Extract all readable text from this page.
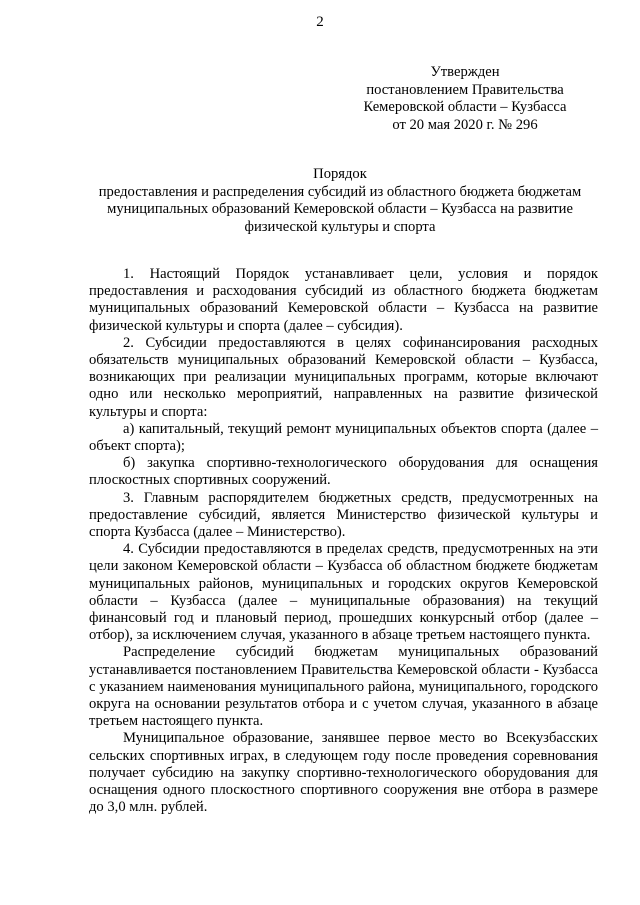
2
Утвержден
постановлением Правительства
Кемеровской области – Кузбасса
от 20 мая 2020 г. № 296
Порядок
предоставления и распределения субсидий из областного бюджета бюджетам
муниципальных образований Кемеровской области – Кузбасса на развитие
физической культуры и спорта

1. Настоящий Порядок устанавливает цели, условия и порядок предоставления и расходования субсидий из областного бюджета бюджетам муниципальных образований Кемеровской области – Кузбасса на развитие физической культуры и спорта (далее – субсидия).

2. Субсидии предоставляются в целях софинансирования расходных обязательств муниципальных образований Кемеровской области – Кузбасса, возникающих при реализации муниципальных программ, которые включают одно или несколько мероприятий, направленных на развитие физической культуры и спорта:

а) капитальный, текущий ремонт муниципальных объектов спорта (далее – объект спорта);

б) закупка спортивно-технологического оборудования для оснащения плоскостных спортивных сооружений.

3. Главным распорядителем бюджетных средств, предусмотренных на предоставление субсидий, является Министерство физической культуры и спорта Кузбасса (далее – Министерство).

4. Субсидии предоставляются в пределах средств, предусмотренных на эти цели законом Кемеровской области – Кузбасса об областном бюджете бюджетам муниципальных районов, муниципальных и городских округов Кемеровской области – Кузбасса (далее – муниципальные образования) на текущий финансовый год и плановый период, прошедших конкурсный отбор (далее – отбор), за исключением случая, указанного в абзаце третьем настоящего пункта.

Распределение субсидий бюджетам муниципальных образований устанавливается постановлением Правительства Кемеровской области - Кузбасса с указанием наименования муниципального района, муниципального, городского округа на основании результатов отбора и с учетом случая, указанного в абзаце третьем настоящего пункта.

Муниципальное образование, занявшее первое место во Всекузбасских сельских спортивных играх, в следующем году после проведения соревнования получает субсидию на закупку спортивно-технологического оборудования для оснащения одного плоскостного спортивного сооружения вне отбора в размере до 3,0 млн. рублей.
